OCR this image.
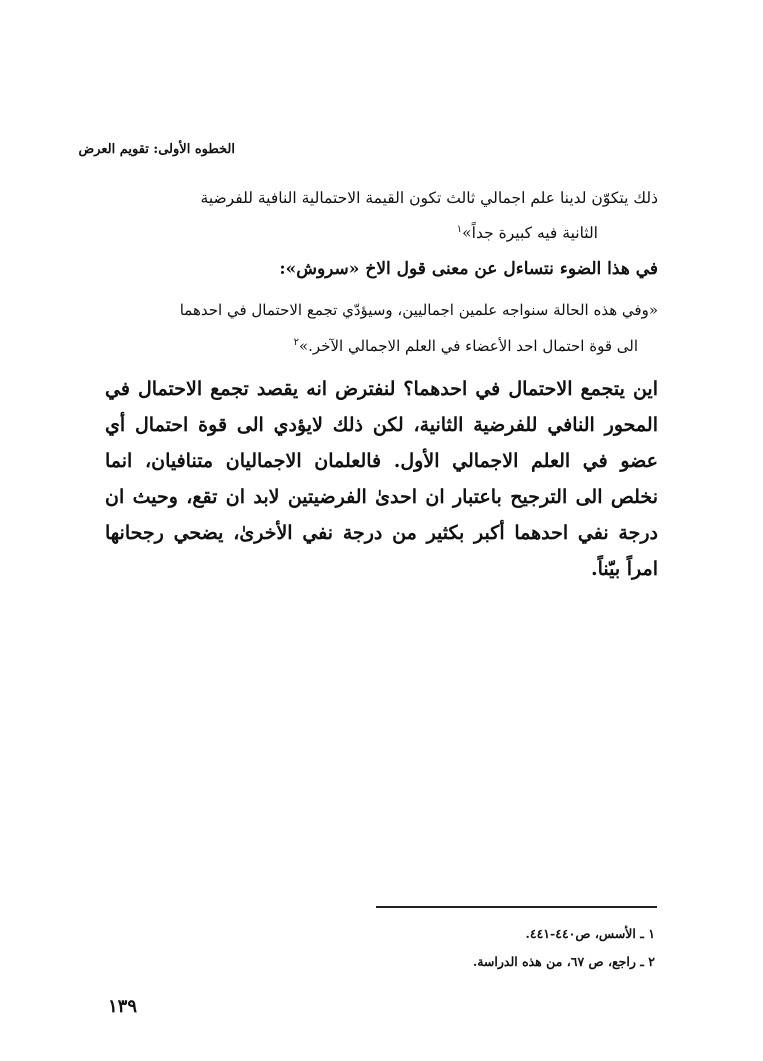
الخطوه الأولى: تقويم العرض
ذلك يتكوّن لدينا علم اجمالي ثالث تكون القيمة الاحتمالية النافية للفرضية
الثانية فيه كبيرة جداً»$^١$
في هذا الضوء نتساءل عن معنى قول الاخ «سروش»:
«وفي هذه الحالة سنواجه علمين اجماليين، وسيؤدّي تجمع الاحتمال في احدهما
الى قوة احتمال احد الأعضاء في العلم الاجمالي الآخر.»$^٢$

اين يتجمع الاحتمال في احدهما؟ لنفترض انه يقصد تجمع الاحتمال في المحور النافي للفرضية الثانية، لكن ذلك لايؤدي الى قوة احتمال أي عضو في العلم الاجمالي الأول. فالعلمان الاجماليان متنافيان، انما نخلص الى الترجيح باعتبار ان احدىٰ الفرضيتين لابد ان تقع، وحيث ان درجة نفي احدهما أكبر بكثير من درجة نفي الأخرىٰ، يضحي رجحانها امراً بيّناً.

١ ـ الأسس، ص٤٤٠-٤٤١.
٢ ـ راجع، ص ٦٧، من هذه الدراسة.
١٣٩
